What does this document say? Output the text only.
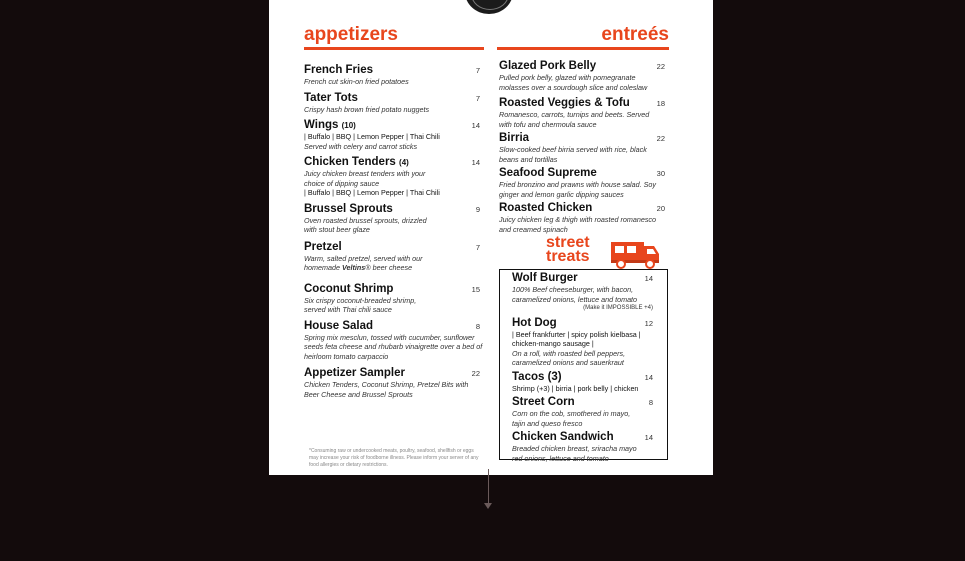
appetizers
French Fries	7
French cut skin-on fried potatoes
Tater Tots	7
Crispy hash brown fried potato nuggets
Wings (10)	14
| Buffalo | BBQ | Lemon Pepper | Thai Chili
Served with celery and carrot sticks
Chicken Tenders (4)	14
Juicy chicken breast tenders with your choice of dipping sauce
| Buffalo | BBQ | Lemon Pepper | Thai Chili
Brussel Sprouts	9
Oven roasted brussel sprouts, drizzled with stout beer glaze
Pretzel	7
Warm, salted pretzel, served with our homemade Veltins® beer cheese
Coconut Shrimp	15
Six crispy coconut-breaded shrimp, served with Thai chili sauce
House Salad	8
Spring mix mesclun, tossed with cucumber, sunflower seeds feta cheese and rhubarb vinaigrette over a bed of heirloom tomato carpaccio
Appetizer Sampler	22
Chicken Tenders, Coconut Shrimp, Pretzel Bits with Beer Cheese and Brussel Sprouts
entreés
Glazed Pork Belly	22
Pulled pork belly, glazed with pomegranate molasses over a sourdough slice and coleslaw
Roasted Veggies & Tofu	18
Romanesco, carrots, turnips and beets. Served with tofu and chermoula sauce
Birria	22
Slow-cooked beef birria served with rice, black beans and tortillas
Seafood Supreme	30
Fried bronzino and prawns with house salad. Soy ginger and lemon garlic dipping sauces
Roasted Chicken	20
Juicy chicken leg & thigh with roasted romanesco and creamed spinach
street
treats
Wolf Burger	14
100% Beef cheeseburger, with bacon, caramelized onions, lettuce and tomato
(Make it IMPOSSIBLE +4)
Hot Dog	12
| Beef frankfurter | spicy polish kielbasa | chicken-mango sausage |
On a roll, with roasted bell peppers, caramelized onions and sauerkraut
Tacos (3)	14
Shrimp (+3) | birria | pork belly | chicken
Street Corn	8
Corn on the cob, smothered in mayo, tajin and queso fresco
Chicken Sandwich	14
Breaded chicken breast, sriracha mayo red onions, lettuce and tomato
*Consuming raw or undercooked meats, poultry, seafood, shellfish or eggs may increase your risk of foodborne illness. Please inform your server of any food allergies or dietary restrictions.
